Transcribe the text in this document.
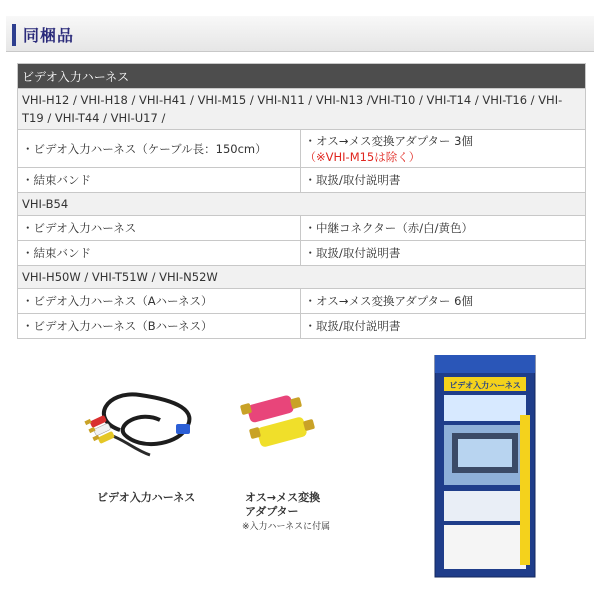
同梱品
ビデオ入力ハーネス	
VHI-H12 / VHI-H18 / VHI-H41 / VHI-M15 / VHI-N11 / VHI-N13 /VHI-T10 / VHI-T14 / VHI-T16 / VHI-T19 / VHI-T44 / VHI-U17 /	
・ビデオ入力ハーネス（ケーブル長：150cm）	・オス→メス変換アダプター 3個
（※VHI-M15は除く）

・結束バンド	・取扱/取付説明書
VHI-B54	
・ビデオ入力ハーネス	・中継コネクター（赤/白/黄色）
・結束バンド	・取扱/取付説明書
VHI-H50W / VHI-T51W / VHI-N52W	
・ビデオ入力ハーネス（Aハーネス）	・オス→メス変換アダプター 6個
・ビデオ入力ハーネス（Bハーネス）	・取扱/取付説明書
ビデオ入力ハーネス	オス→メス変換
アダプター
※入力ハーネスに付属
ビデオ入力ハーネス
